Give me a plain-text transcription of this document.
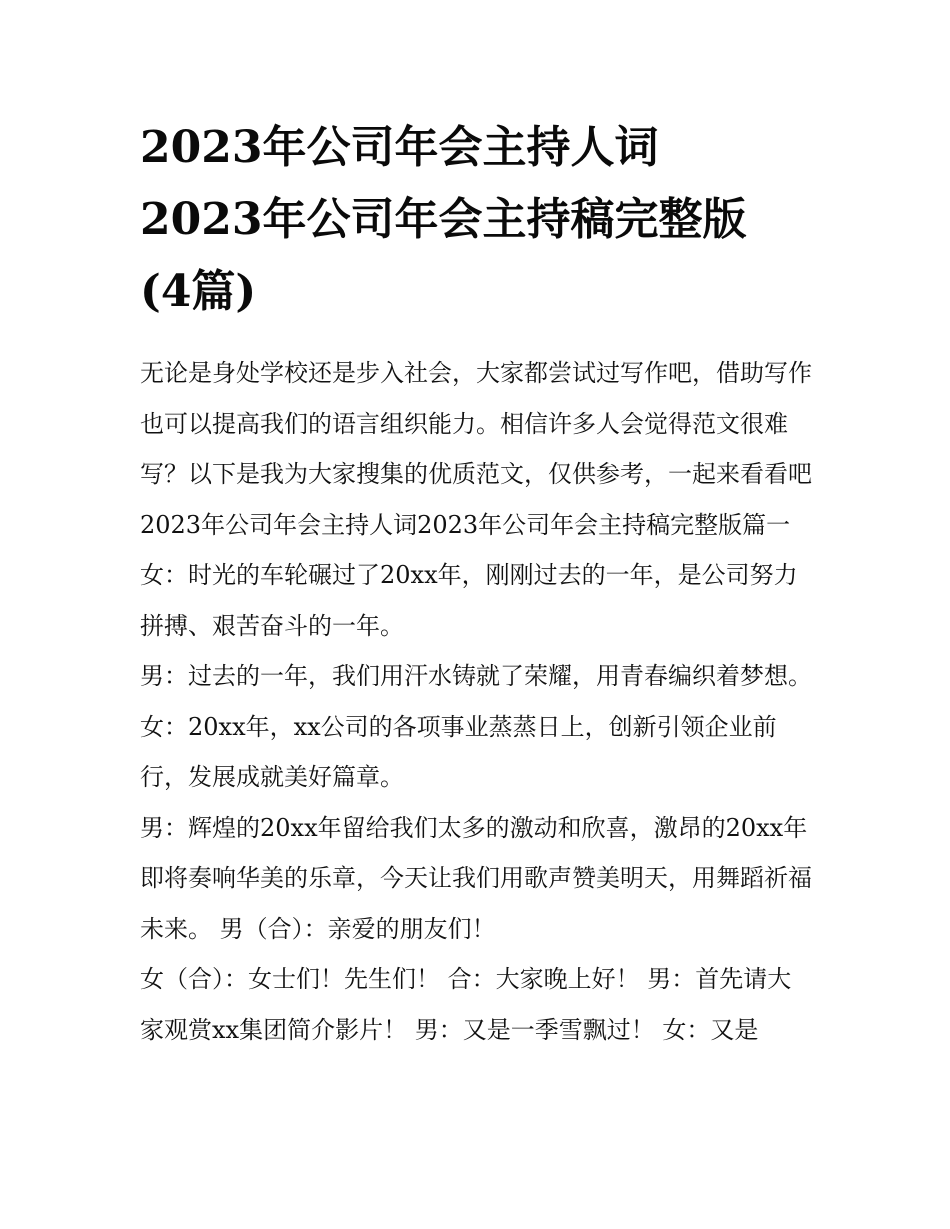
2023年公司年会主持人词
2023年公司年会主持稿完整版
(4篇)

无论是身处学校还是步入社会，大家都尝试过写作吧，借助写作也可以提高我们的语言组织能力。相信许多人会觉得范文很难写？以下是我为大家搜集的优质范文，仅供参考，一起来看看吧

2023年公司年会主持人词2023年公司年会主持稿完整版篇一

女：时光的车轮碾过了20xx年，刚刚过去的一年，是公司努力拼搏、艰苦奋斗的一年。

男：过去的一年，我们用汗水铸就了荣耀，用青春编织着梦想。 女：20xx年，xx公司的各项事业蒸蒸日上，创新引领企业前行，发展成就美好篇章。

男：辉煌的20xx年留给我们太多的激动和欣喜，激昂的20xx年即将奏响华美的乐章，今天让我们用歌声赞美明天，用舞蹈祈福未来。 男（合）：亲爱的朋友们！

女（合）：女士们！先生们！ 合：大家晚上好！ 男：首先请大家观赏xx集团简介影片！ 男：又是一季雪飘过！ 女：又是
